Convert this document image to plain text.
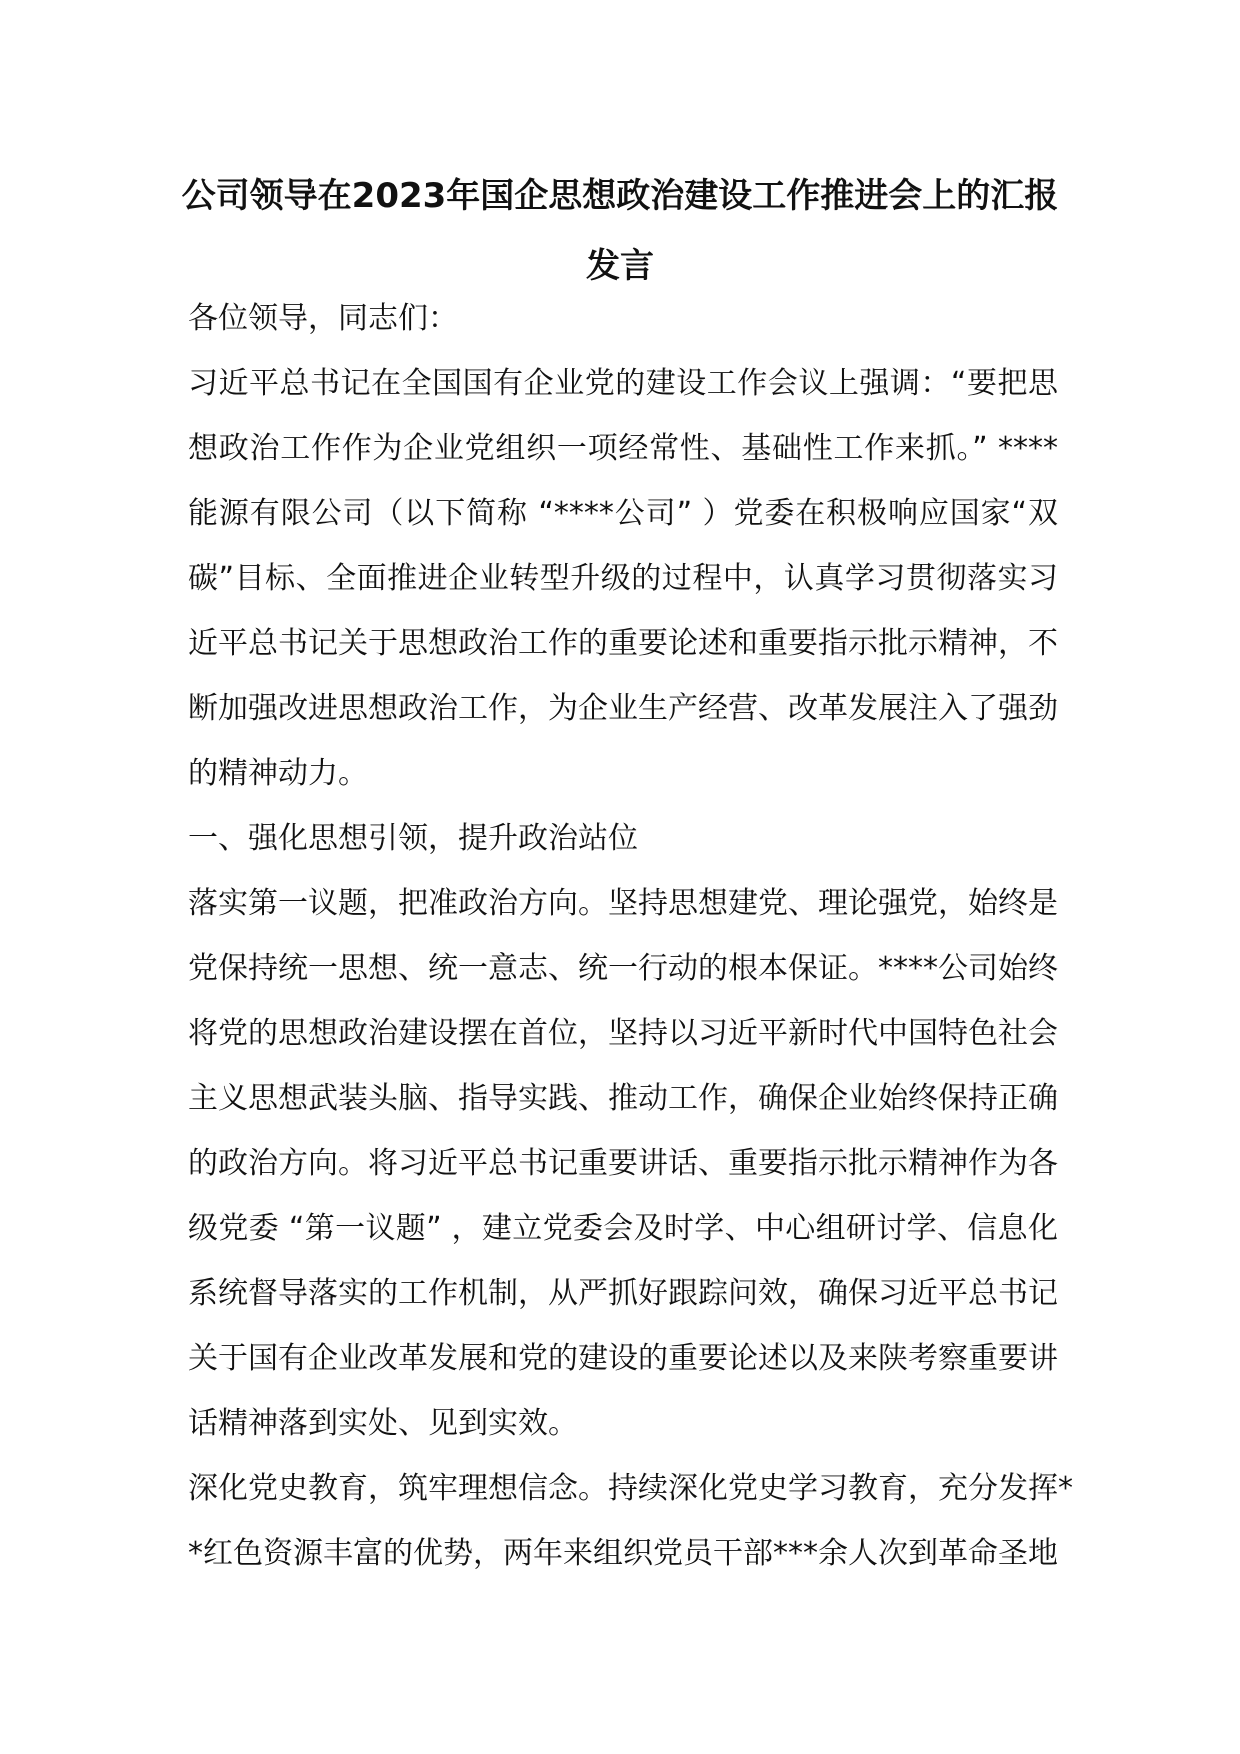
公司领导在2023年国企思想政治建设工作推进会上的汇报
发言
各位领导，同志们：
习近平总书记在全国国有企业党的建设工作会议上强调：“要把思
想政治工作作为企业党组织一项经常性、基础性工作来抓。” ****
能源有限公司（以下简称 “****公司” ）党委在积极响应国家“双
碳”目标、全面推进企业转型升级的过程中，认真学习贯彻落实习
近平总书记关于思想政治工作的重要论述和重要指示批示精神，不
断加强改进思想政治工作，为企业生产经营、改革发展注入了强劲
的精神动力。
一、强化思想引领，提升政治站位
落实第一议题，把准政治方向。坚持思想建党、理论强党，始终是
党保持统一思想、统一意志、统一行动的根本保证。****公司始终
将党的思想政治建设摆在首位，坚持以习近平新时代中国特色社会
主义思想武装头脑、指导实践、推动工作，确保企业始终保持正确
的政治方向。将习近平总书记重要讲话、重要指示批示精神作为各
级党委 “第一议题” ，建立党委会及时学、中心组研讨学、信息化
系统督导落实的工作机制，从严抓好跟踪问效，确保习近平总书记
关于国有企业改革发展和党的建设的重要论述以及来陕考察重要讲
话精神落到实处、见到实效。
深化党史教育，筑牢理想信念。持续深化党史学习教育，充分发挥*
*红色资源丰富的优势，两年来组织党员干部***余人次到革命圣地
